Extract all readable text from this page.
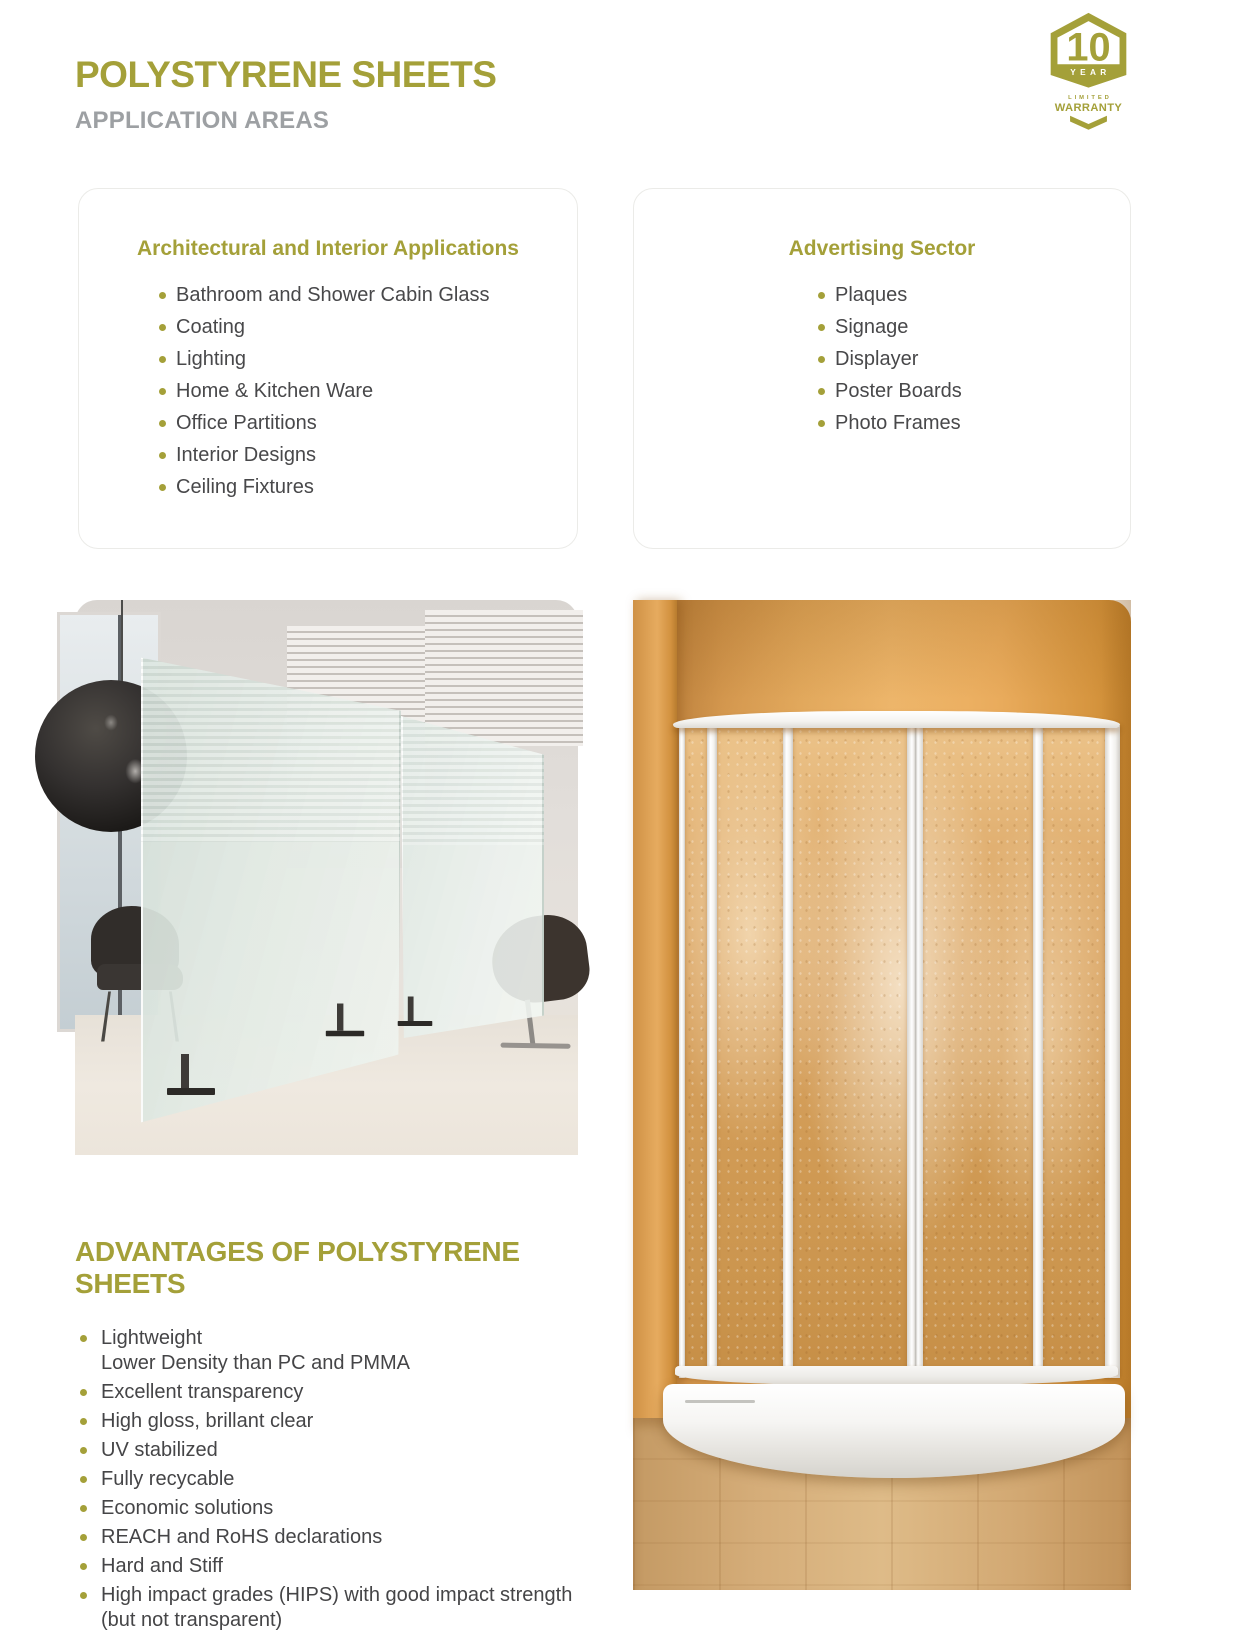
POLYSTYRENE SHEETS
APPLICATION AREAS
10
YEAR
LIMITED
WARRANTY
Architectural and Interior Applications
Bathroom and Shower Cabin Glass
Coating
Lighting
Home & Kitchen Ware
Office Partitions
Interior Designs
Ceiling Fixtures
Advertising Sector
Plaques
Signage
Displayer
Poster Boards
Photo Frames
ADVANTAGES OF POLYSTYRENE SHEETS
Lightweight
Lower Density than PC and PMMA
Excellent transparency
High gloss, brillant clear
UV stabilized
Fully recycable
Economic solutions
REACH and RoHS declarations
Hard and Stiff
High impact grades (HIPS) with good impact strength
(but not transparent)
